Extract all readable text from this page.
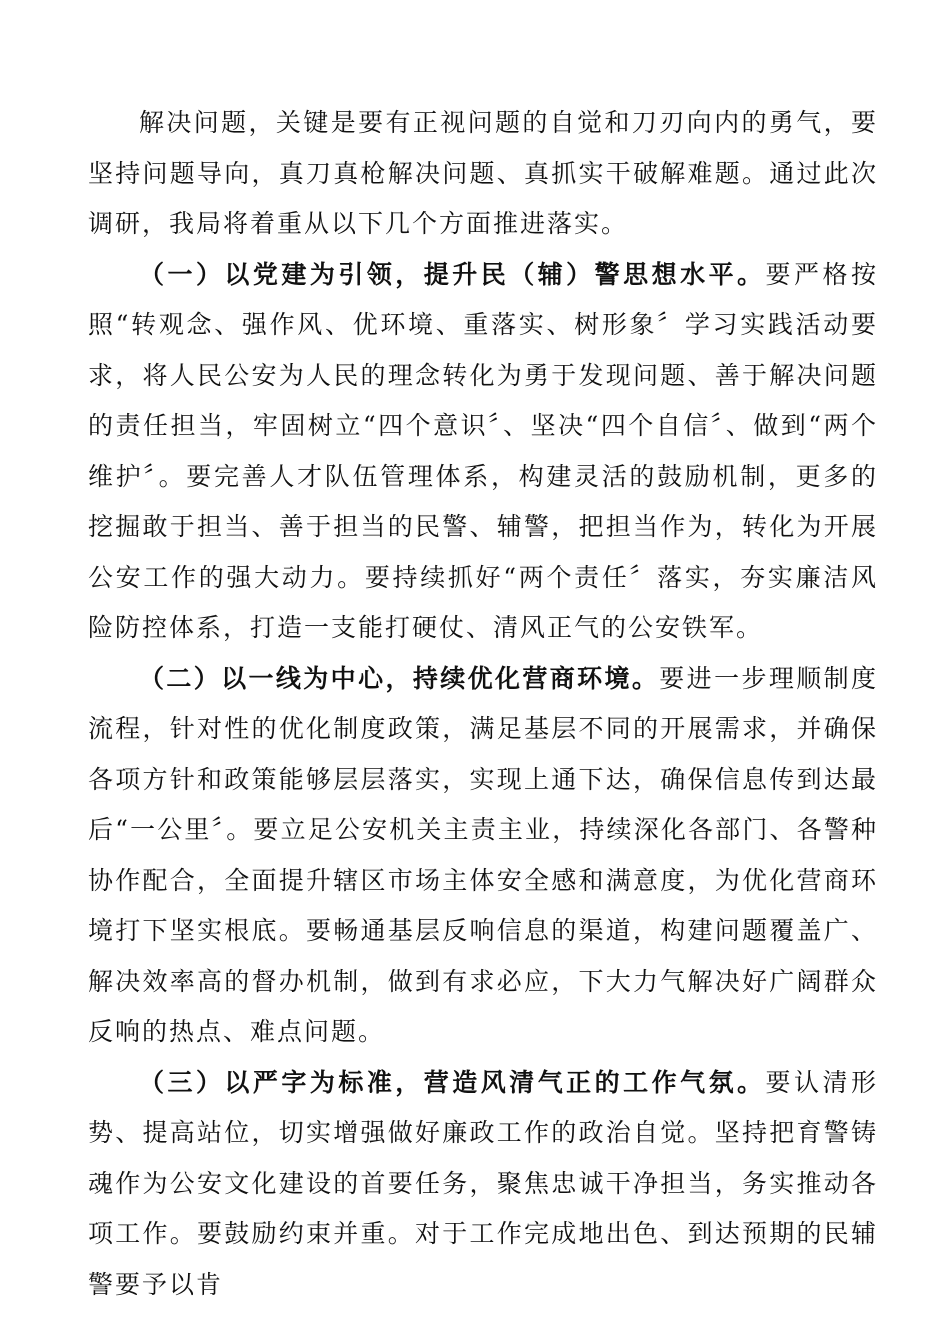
解决问题，关键是要有正视问题的自觉和刀刃向内的勇气，要坚持问题导向，真刀真枪解决问题、真抓实干破解难题。通过此次调研，我局将着重从以下几个方面推进落实。

（一）以党建为引领，提升民（辅）警思想水平。要严格按照“转观念、强作风、优环境、重落实、树形象〞学习实践活动要求，将人民公安为人民的理念转化为勇于发现问题、善于解决问题的责任担当，牢固树立“四个意识〞、坚决“四个自信〞、做到“两个维护〞。要完善人才队伍管理体系，构建灵活的鼓励机制，更多的挖掘敢于担当、善于担当的民警、辅警，把担当作为，转化为开展公安工作的强大动力。要持续抓好“两个责任〞落实，夯实廉洁风险防控体系，打造一支能打硬仗、清风正气的公安铁军。

（二）以一线为中心，持续优化营商环境。要进一步理顺制度流程，针对性的优化制度政策，满足基层不同的开展需求，并确保各项方针和政策能够层层落实，实现上通下达，确保信息传到达最后“一公里〞。要立足公安机关主责主业，持续深化各部门、各警种协作配合，全面提升辖区市场主体安全感和满意度，为优化营商环境打下坚实根底。要畅通基层反响信息的渠道，构建问题覆盖广、解决效率高的督办机制，做到有求必应，下大力气解决好广阔群众反响的热点、难点问题。

（三）以严字为标准，营造风清气正的工作气氛。要认清形势、提高站位，切实增强做好廉政工作的政治自觉。坚持把育警铸魂作为公安文化建设的首要任务，聚焦忠诚干净担当，务实推动各项工作。要鼓励约束并重。对于工作完成地出色、到达预期的民辅警要予以肯
